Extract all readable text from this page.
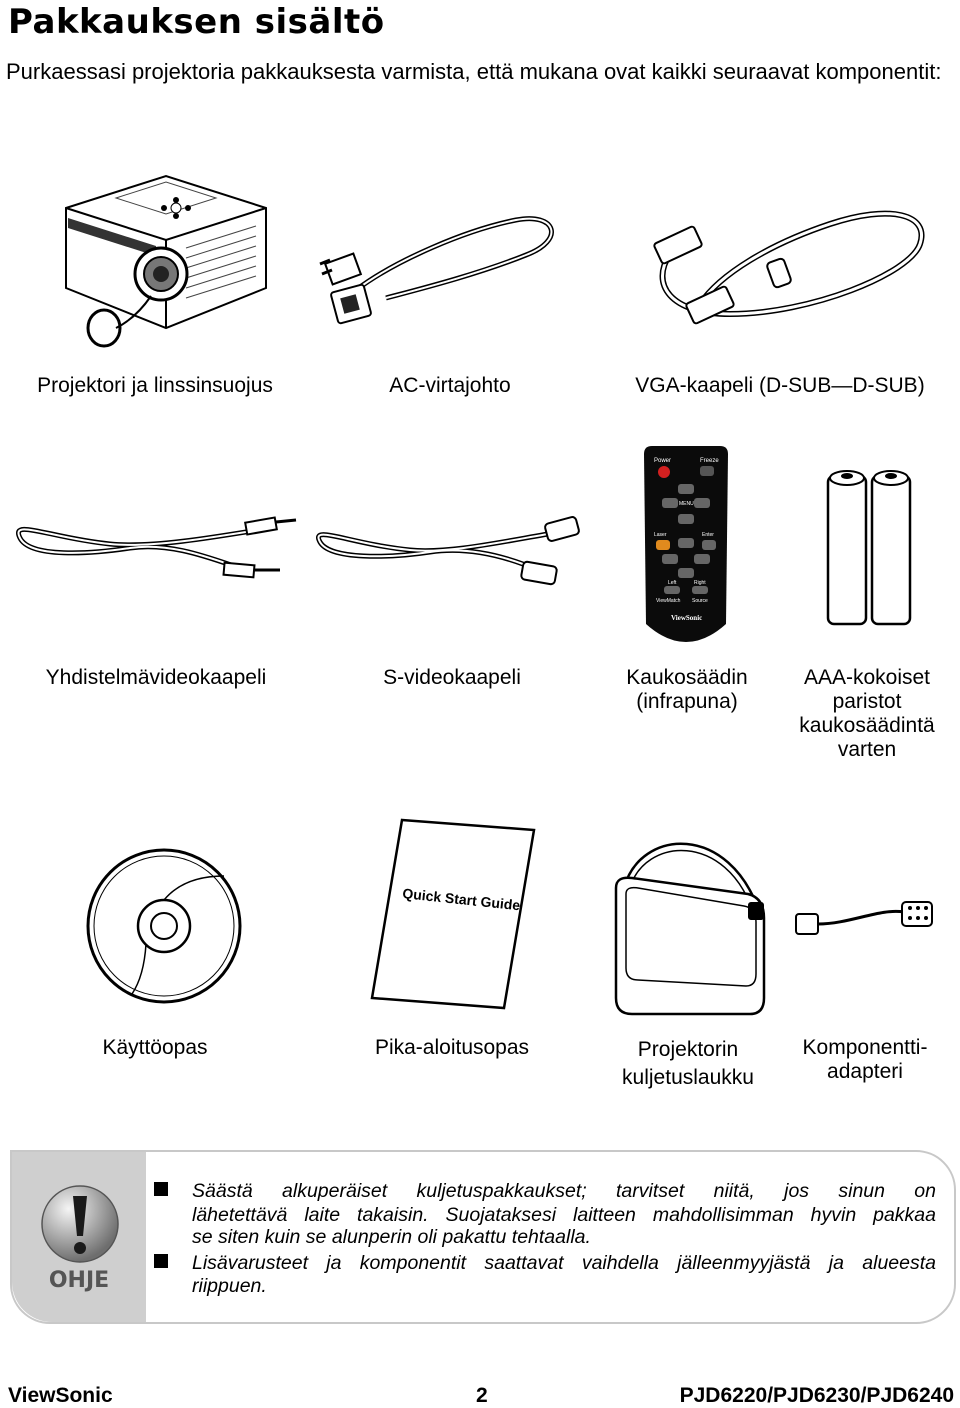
Pakkauksen sisältö
Purkaessasi projektoria pakkauksesta varmista, että mukana ovat kaikki seuraavat komponentit:
Projektori ja linssinsuojus	AC-virtajohto	VGA-kaapeli (D-SUB—D-SUB)
Yhdistelmävideokaapeli	S-videokaapeli
Power	Freeze
MENU
Laser	Enter
Left	Right
ViewMatch Source
ViewSonic
Kaukosäädin
(infrapuna)
AAA-kokoiset
paristot
kaukosäädintä
varten
Käyttöopas
Quick Start Guide
Pika-aloitusopas	Projektorin
kuljetuslaukku
Komponentti-
adapteri
OHJE
Säästä alkuperäiset kuljetuspakkaukset; tarvitset niitä, jos sinun on
lähetettävä laite takaisin. Suojataksesi laitteen mahdollisimman hyvin pakkaa
se siten kuin se alunperin oli pakattu tehtaalla.
Lisävarusteet ja komponentit saattavat vaihdella jälleenmyyjästä ja alueesta
riippuen.
ViewSonic	2	PJD6220/PJD6230/PJD6240
